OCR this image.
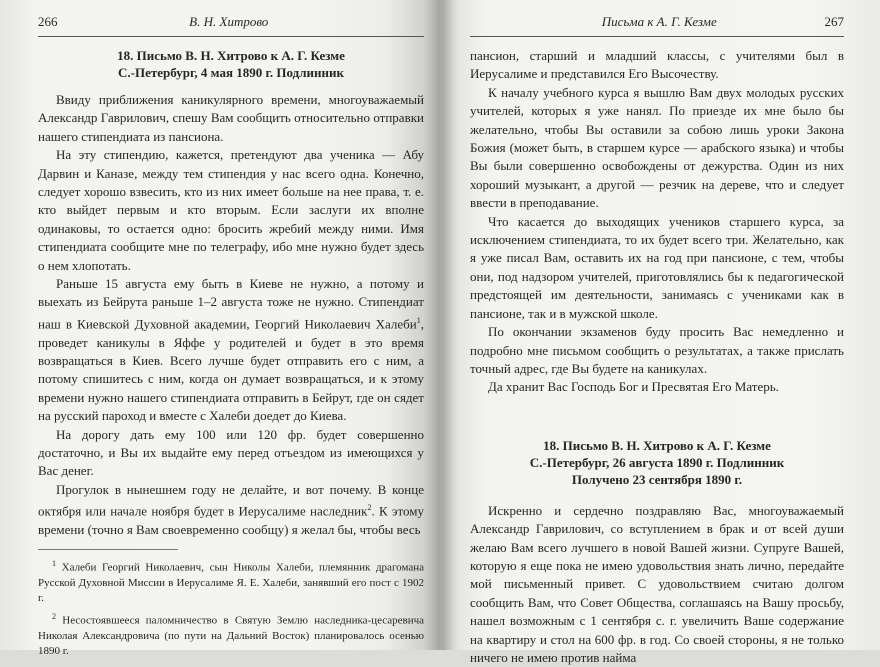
266	В. Н. Хитрово
18. Письмо В. Н. Хитрово к А. Г. Кезме
С.-Петербург, 4 мая 1890 г. Подлинник

Ввиду приближения каникулярного времени, многоуважаемый Александр Гаврилович, спешу Вам сообщить относительно отправки нашего стипендиата из пансиона.

На эту стипендию, кажется, претендуют два ученика — Абу Дарвин и Каназе, между тем стипендия у нас всего одна. Конечно, следует хорошо взвесить, кто из них имеет больше на нее права, т. е. кто выйдет первым и кто вторым. Если заслуги их вполне одинаковы, то остается одно: бросить жребий между ними. Имя стипендиата сообщите мне по телеграфу, ибо мне нужно будет здесь о нем хлопотать.

Раньше 15 августа ему быть в Киеве не нужно, а потому и выехать из Бейрута раньше 1–2 августа тоже не нужно. Стипендиат наш в Киевской Духовной академии, Георгий Николаевич Халеби$^1$, проведет каникулы в Яффе у родителей и будет в это время возвращаться в Киев. Всего лучше будет отправить его с ним, а потому спишитесь с ним, когда он думает возвращаться, и к этому времени нужно нашего стипендиата отправить в Бейрут, где он сядет на русский пароход и вместе с Халеби доедет до Киева.

На дорогу дать ему 100 или 120 фр. будет совершенно достаточно, и Вы их выдайте ему перед отъездом из имеющихся у Вас денег.

Прогулок в нынешнем году не делайте, и вот почему. В конце октября или начале ноября будет в Иерусалиме наследник$^2$. К этому времени (точно я Вам своевременно сообщу) я желал бы, чтобы весь

$^1$ Халеби Георгий Николаевич, сын Николы Халеби, племянник драгомана Русской Духовной Миссии в Иерусалиме Я. Е. Халеби, занявший его пост с 1902 г.

$^2$ Несостоявшееся паломничество в Святую Землю наследника-цесаревича Николая Александровича (по пути на Дальний Восток) планировалось осенью 1890 г.

Письма к А. Г. Кезме	267

пансион, старший и младший классы, с учителями был в Иерусалиме и представился Его Высочеству.

К началу учебного курса я вышлю Вам двух молодых русских учителей, которых я уже нанял. По приезде их мне было бы желательно, чтобы Вы оставили за собою лишь уроки Закона Божия (может быть, в старшем курсе — арабского языка) и чтобы Вы были совершенно освобождены от дежурства. Один из них хороший музыкант, а другой — резчик на дереве, что и следует ввести в преподавание.

Что касается до выходящих учеников старшего курса, за исключением стипендиата, то их будет всего три. Желательно, как я уже писал Вам, оставить их на год при пансионе, с тем, чтобы они, под надзором учителей, приготовлялись бы к педагогической предстоящей им деятельности, занимаясь с учениками как в пансионе, так и в мужской школе.

По окончании экзаменов буду просить Вас немедленно и подробно мне письмом сообщить о результатах, а также прислать точный адрес, где Вы будете на каникулах.

Да хранит Вас Господь Бог и Пресвятая Его Матерь.

18. Письмо В. Н. Хитрово к А. Г. Кезме
С.-Петербург, 26 августа 1890 г. Подлинник
Получено 23 сентября 1890 г.

Искренно и сердечно поздравляю Вас, многоуважаемый Александр Гаврилович, со вступлением в брак и от всей души желаю Вам всего лучшего в новой Вашей жизни. Супруге Вашей, которую я еще пока не имею удовольствия знать лично, передайте мой письменный привет. С удовольствием считаю долгом сообщить Вам, что Совет Общества, соглашаясь на Вашу просьбу, нашел возможным с 1 сентября с. г. увеличить Ваше содержание на квартиру и стол на 600 фр. в год. Со своей стороны, я не только ничего не имею против найма
